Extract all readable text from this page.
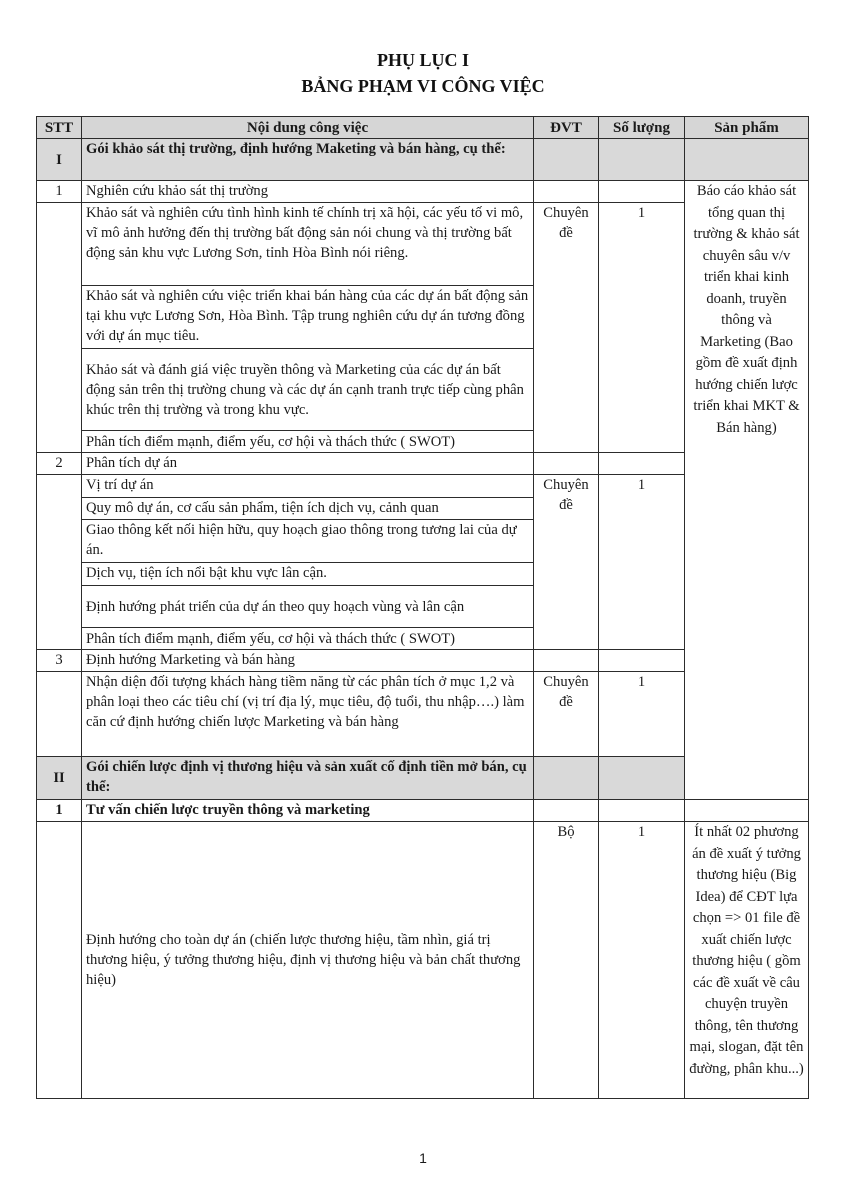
PHỤ LỤC I
BẢNG PHẠM VI CÔNG VIỆC
STT	Nội dung công việc	ĐVT	Số lượng	Sản phẩm	
I	Gói khảo sát thị trường, định hướng Maketing và bán hàng, cụ thể:				
1	Nghiên cứu khảo sát thị trường			Báo cáo khảo sát tổng quan thị trường & khảo sát chuyên sâu v/v triển khai kinh doanh, truyền thông và Marketing (Bao gồm đề xuất định hướng chiến lược triển khai MKT & Bán hàng)	
	Khảo sát và nghiên cứu tình hình kinh tế chính trị xã hội, các yếu tố vi mô, vĩ mô ảnh hưởng đến thị trường bất động sản nói chung và thị trường bất động sản khu vực Lương Sơn, tỉnh Hòa Bình nói riêng.	Chuyên đề	1		
	Khảo sát và nghiên cứu việc triển khai bán hàng của các dự án bất động sản tại khu vực Lương Sơn, Hòa Bình. Tập trung nghiên cứu dự án tương đồng với dự án mục tiêu.				
	Khảo sát và đánh giá việc truyền thông và Marketing của các dự án bất động sản trên thị trường chung và các dự án cạnh tranh trực tiếp cùng phân khúc trên thị trường và trong khu vực.				
	Phân tích điểm mạnh, điểm yếu, cơ hội và thách thức ( SWOT)				
2	Phân tích dự án				
	Vị trí dự án	Chuyên đề	1		
	Quy mô dự án, cơ cấu sản phẩm, tiện ích dịch vụ, cảnh quan				
	Giao thông kết nối hiện hữu, quy hoạch giao thông trong tương lai của dự án.				
	Dịch vụ, tiện ích nổi bật khu vực lân cận.				
	Định hướng phát triển của dự án theo quy hoạch vùng và lân cận				
	Phân tích điểm mạnh, điểm yếu, cơ hội và thách thức ( SWOT)				
3	Định hướng Marketing và bán hàng				
	Nhận diện đối tượng khách hàng tiềm năng từ các phân tích ở mục 1,2 và phân loại theo các tiêu chí (vị trí địa lý, mục tiêu, độ tuổi, thu nhập….) làm căn cứ định hướng chiến lược Marketing và bán hàng	Chuyên đề	1		
II	Gói chiến lược định vị thương hiệu và sản xuất cố định tiền mở bán, cụ thể:				
1	Tư vấn chiến lược truyền thông và marketing				
	Định hướng cho toàn dự án (chiến lược thương hiệu, tầm nhìn, giá trị thương hiệu, ý tưởng thương hiệu, định vị thương hiệu và bản chất thương hiệu)	Bộ	1	Ít nhất 02 phương án đề xuất ý tưởng thương hiệu (Big Idea) để CĐT lựa chọn => 01 file đề xuất chiến lược thương hiệu ( gồm các đề xuất về câu chuyện truyền thông, tên thương mại, slogan, đặt tên đường, phân khu...)	
1
